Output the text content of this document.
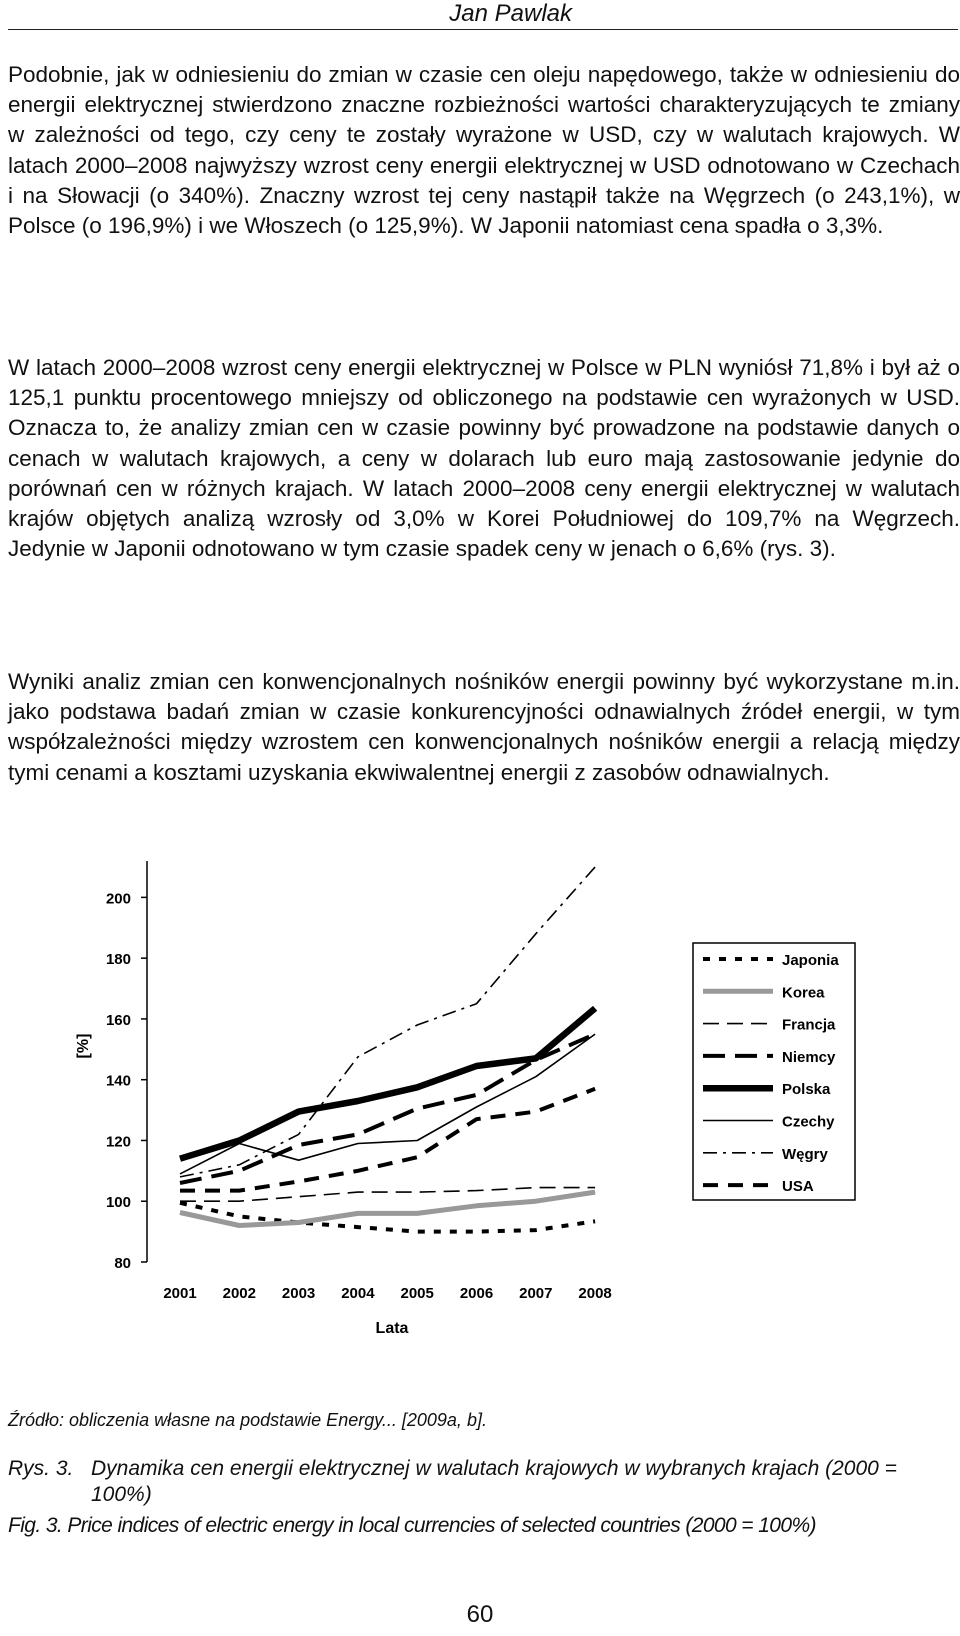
Jan Pawlak
Podobnie, jak w odniesieniu do zmian w czasie cen oleju napędowego, także w odniesieniu do energii elektrycznej stwierdzono znaczne rozbieżności wartości charakteryzujących te zmiany w zależności od tego, czy ceny te zostały wyrażone w USD, czy w walutach krajowych. W latach 2000–2008 najwyższy wzrost ceny energii elektrycznej w USD odnotowano w Czechach i na Słowacji (o 340%). Znaczny wzrost tej ceny nastąpił także na Węgrzech (o 243,1%), w Polsce (o 196,9%) i we Włoszech (o 125,9%). W Japonii natomiast cena spadła o 3,3%.
W latach 2000–2008 wzrost ceny energii elektrycznej w Polsce w PLN wyniósł 71,8% i był aż o 125,1 punktu procentowego mniejszy od obliczonego na podstawie cen wyrażonych w USD. Oznacza to, że analizy zmian cen w czasie powinny być prowadzone na podstawie danych o cenach w walutach krajowych, a ceny w dolarach lub euro mają zastosowanie jedynie do porównań cen w różnych krajach. W latach 2000–2008 ceny energii elektrycznej w walutach krajów objętych analizą wzrosły od 3,0% w Korei Południowej do 109,7% na Węgrzech. Jedynie w Japonii odnotowano w tym czasie spadek ceny w jenach o 6,6% (rys. 3).
Wyniki analiz zmian cen konwencjonalnych nośników energii powinny być wykorzystane m.in. jako podstawa badań zmian w czasie konkurencyjności odnawialnych źródeł energii, w tym współzależności między wzrostem cen konwencjonalnych nośników energii a relacją między tymi cenami a kosztami uzyskania ekwiwalentnej energii z zasobów odnawialnych.
80
100
120
140
160
180
200
[%]
2001 2002 2003 2004 2005 2006 2007 2008
Lata
Japonia
Korea
Francja
Niemcy
Polska
Czechy
Węgry
USA
Źródło: obliczenia własne na podstawie Energy... [2009a, b].
Rys. 3. Dynamika cen energii elektrycznej w walutach krajowych w wybranych krajach (2000 = 100%)
Fig. 3. Price indices of electric energy in local currencies of selected countries (2000 = 100%)
60
